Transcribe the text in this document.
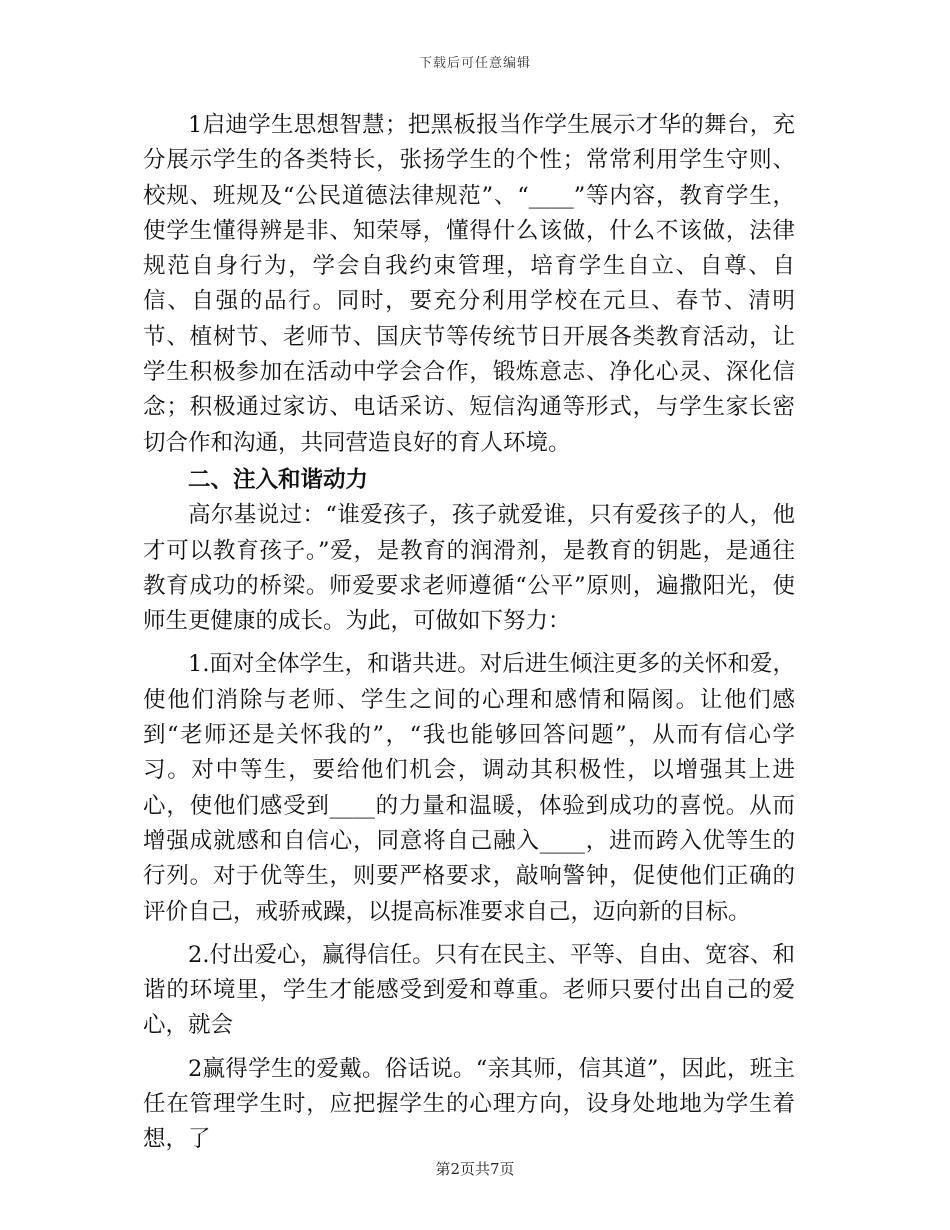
下载后可任意编辑

1启迪学生思想智慧；把黑板报当作学生展示才华的舞台，充分展示学生的各类特长，张扬学生的个性；常常利用学生守则、校规、班规及“公民道德法律规范”、“____”等内容，教育学生，使学生懂得辨是非、知荣辱，懂得什么该做，什么不该做，法律规范自身行为，学会自我约束管理，培育学生自立、自尊、自信、自强的品行。同时，要充分利用学校在元旦、春节、清明节、植树节、老师节、国庆节等传统节日开展各类教育活动，让学生积极参加在活动中学会合作，锻炼意志、净化心灵、深化信念；积极通过家访、电话采访、短信沟通等形式，与学生家长密切合作和沟通，共同营造良好的育人环境。

二、注入和谐动力

高尔基说过：“谁爱孩子，孩子就爱谁，只有爱孩子的人，他才可以教育孩子。”爱，是教育的润滑剂，是教育的钥匙，是通往教育成功的桥梁。师爱要求老师遵循“公平”原则，遍撒阳光，使师生更健康的成长。为此，可做如下努力：

1.面对全体学生，和谐共进。对后进生倾注更多的关怀和爱，使他们消除与老师、学生之间的心理和感情和隔阂。让他们感到“老师还是关怀我的”，“我也能够回答问题”，从而有信心学习。对中等生，要给他们机会，调动其积极性，以增强其上进心，使他们感受到____的力量和温暖，体验到成功的喜悦。从而增强成就感和自信心，同意将自己融入____，进而跨入优等生的行列。对于优等生，则要严格要求，敲响警钟，促使他们正确的评价自己，戒骄戒躁，以提高标准要求自己，迈向新的目标。

2.付出爱心，赢得信任。只有在民主、平等、自由、宽容、和谐的环境里，学生才能感受到爱和尊重。老师只要付出自己的爱心，就会

2赢得学生的爱戴。俗话说。“亲其师，信其道”，因此，班主任在管理学生时，应把握学生的心理方向，设身处地地为学生着想，了

第2页共7页
